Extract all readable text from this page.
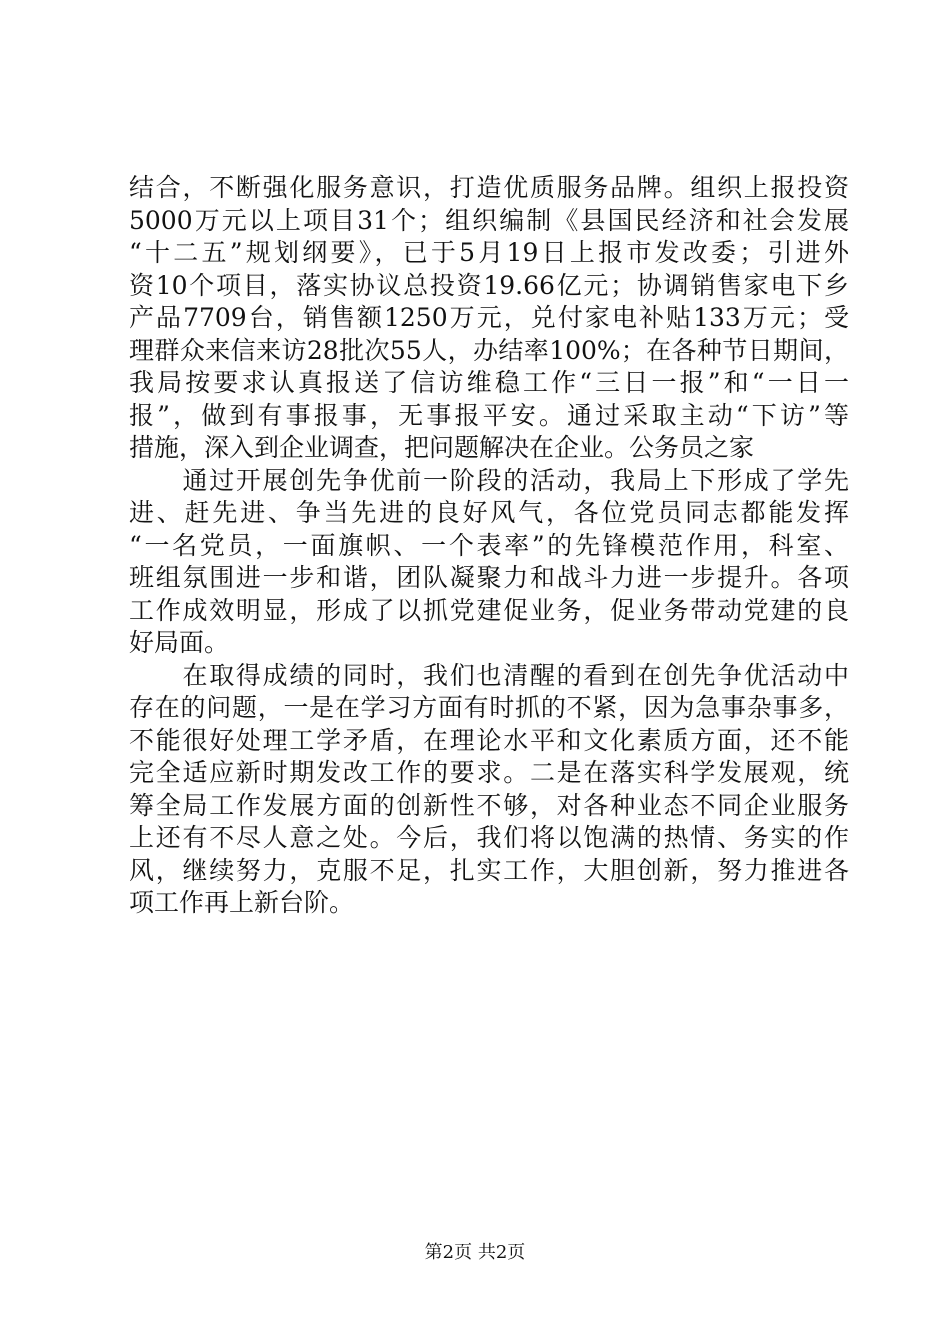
结合，不断强化服务意识，打造优质服务品牌。组织上报投资
5000万元以上项目31个；组织编制《县国民经济和社会发展
“十二五”规划纲要》，已于5月19日上报市发改委；引进外
资10个项目，落实协议总投资19.66亿元；协调销售家电下乡
产品7709台，销售额1250万元，兑付家电补贴133万元；受
理群众来信来访28批次55人，办结率100%；在各种节日期间，
我局按要求认真报送了信访维稳工作“三日一报”和“一日一
报”，做到有事报事，无事报平安。通过采取主动“下访”等
措施，深入到企业调查，把问题解决在企业。公务员之家
　　通过开展创先争优前一阶段的活动，我局上下形成了学先
进、赶先进、争当先进的良好风气，各位党员同志都能发挥
“一名党员，一面旗帜、一个表率”的先锋模范作用，科室、
班组氛围进一步和谐，团队凝聚力和战斗力进一步提升。各项
工作成效明显，形成了以抓党建促业务，促业务带动党建的良
好局面。
　　在取得成绩的同时，我们也清醒的看到在创先争优活动中
存在的问题，一是在学习方面有时抓的不紧，因为急事杂事多，
不能很好处理工学矛盾，在理论水平和文化素质方面，还不能
完全适应新时期发改工作的要求。二是在落实科学发展观，统
筹全局工作发展方面的创新性不够，对各种业态不同企业服务
上还有不尽人意之处。今后，我们将以饱满的热情、务实的作
风，继续努力，克服不足，扎实工作，大胆创新，努力推进各
项工作再上新台阶。
第2页 共2页
